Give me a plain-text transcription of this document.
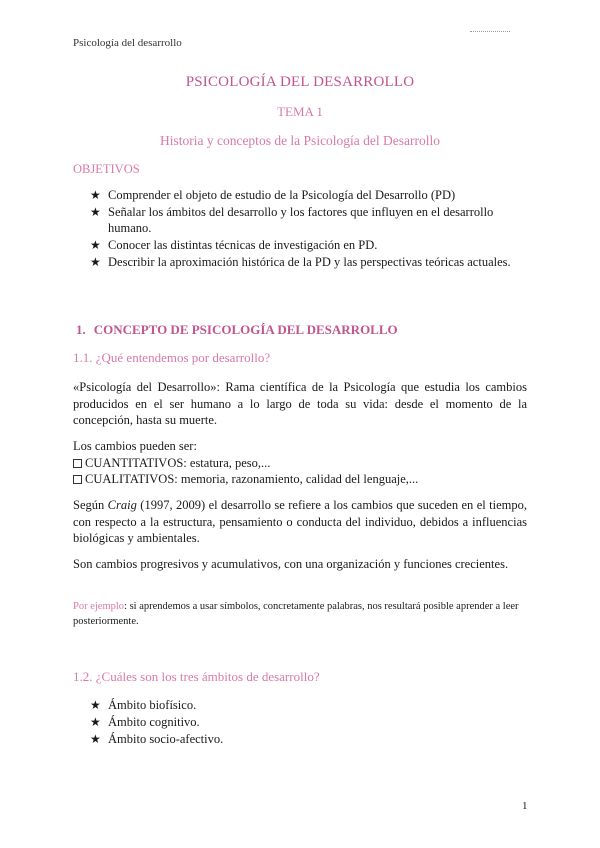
Psicología del desarrollo
PSICOLOGÍA DEL DESARROLLO
TEMA 1
Historia y conceptos de la Psicología del Desarrollo
OBJETIVOS
★ Comprender el objeto de estudio de la Psicología del Desarrollo (PD)
★ Señalar los ámbitos del desarrollo y los factores que influyen en el desarrollo humano.
★ Conocer las distintas técnicas de investigación en PD.
★ Describir la aproximación histórica de la PD y las perspectivas teóricas actuales.
1. CONCEPTO DE PSICOLOGÍA DEL DESARROLLO
1.1. ¿Qué entendemos por desarrollo?
«Psicología del Desarrollo»: Rama científica de la Psicología que estudia los cambios producidos en el ser humano a lo largo de toda su vida: desde el momento de la concepción, hasta su muerte.
Los cambios pueden ser:
CUANTITATIVOS: estatura, peso,...
CUALITATIVOS: memoria, razonamiento, calidad del lenguaje,...
Según Craig (1997, 2009) el desarrollo se refiere a los cambios que suceden en el tiempo, con respecto a la estructura, pensamiento o conducta del individuo, debidos a influencias biológicas y ambientales.
Son cambios progresivos y acumulativos, con una organización y funciones crecientes.
Por ejemplo: si aprendemos a usar símbolos, concretamente palabras, nos resultará posible aprender a leer posteriormente.
1.2. ¿Cuáles son los tres ámbitos de desarrollo?
★ Ámbito biofísico.
★ Ámbito cognitivo.
★ Ámbito socio-afectivo.
1
